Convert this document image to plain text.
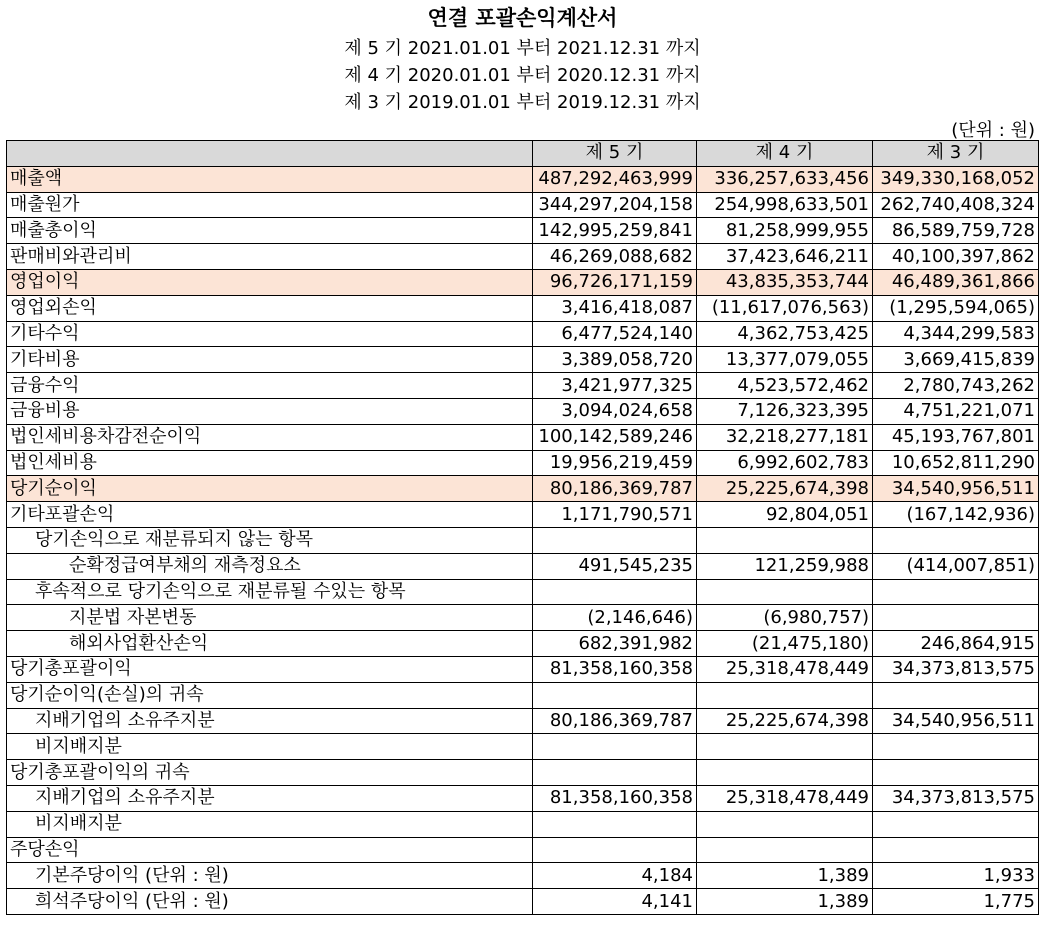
연결 포괄손익계산서
제 5 기 2021.01.01 부터 2021.12.31 까지
제 4 기 2020.01.01 부터 2020.12.31 까지
제 3 기 2019.01.01 부터 2019.12.31 까지
(단위 : 원)
	제 5 기	제 4 기	제 3 기
매출액	487,292,463,999	336,257,633,456	349,330,168,052
매출원가	344,297,204,158	254,998,633,501	262,740,408,324
매출총이익	142,995,259,841	81,258,999,955	86,589,759,728
판매비와관리비	46,269,088,682	37,423,646,211	40,100,397,862
영업이익	96,726,171,159	43,835,353,744	46,489,361,866
영업외손익	3,416,418,087	(11,617,076,563)	(1,295,594,065)
기타수익	6,477,524,140	4,362,753,425	4,344,299,583
기타비용	3,389,058,720	13,377,079,055	3,669,415,839
금융수익	3,421,977,325	4,523,572,462	2,780,743,262
금융비용	3,094,024,658	7,126,323,395	4,751,221,071
법인세비용차감전순이익	100,142,589,246	32,218,277,181	45,193,767,801
법인세비용	19,956,219,459	6,992,602,783	10,652,811,290
당기순이익	80,186,369,787	25,225,674,398	34,540,956,511
기타포괄손익	1,171,790,571	92,804,051	(167,142,936)
당기손익으로 재분류되지 않는 항목			
순확정급여부채의 재측정요소	491,545,235	121,259,988	(414,007,851)
후속적으로 당기손익으로 재분류될 수있는 항목			
지분법 자본변동	(2,146,646)	(6,980,757)	
해외사업환산손익	682,391,982	(21,475,180)	246,864,915
당기총포괄이익	81,358,160,358	25,318,478,449	34,373,813,575
당기순이익(손실)의 귀속			
지배기업의 소유주지분	80,186,369,787	25,225,674,398	34,540,956,511
비지배지분			
당기총포괄이익의 귀속			
지배기업의 소유주지분	81,358,160,358	25,318,478,449	34,373,813,575
비지배지분			
주당손익			
기본주당이익 (단위 : 원)	4,184	1,389	1,933
희석주당이익 (단위 : 원)	4,141	1,389	1,775
